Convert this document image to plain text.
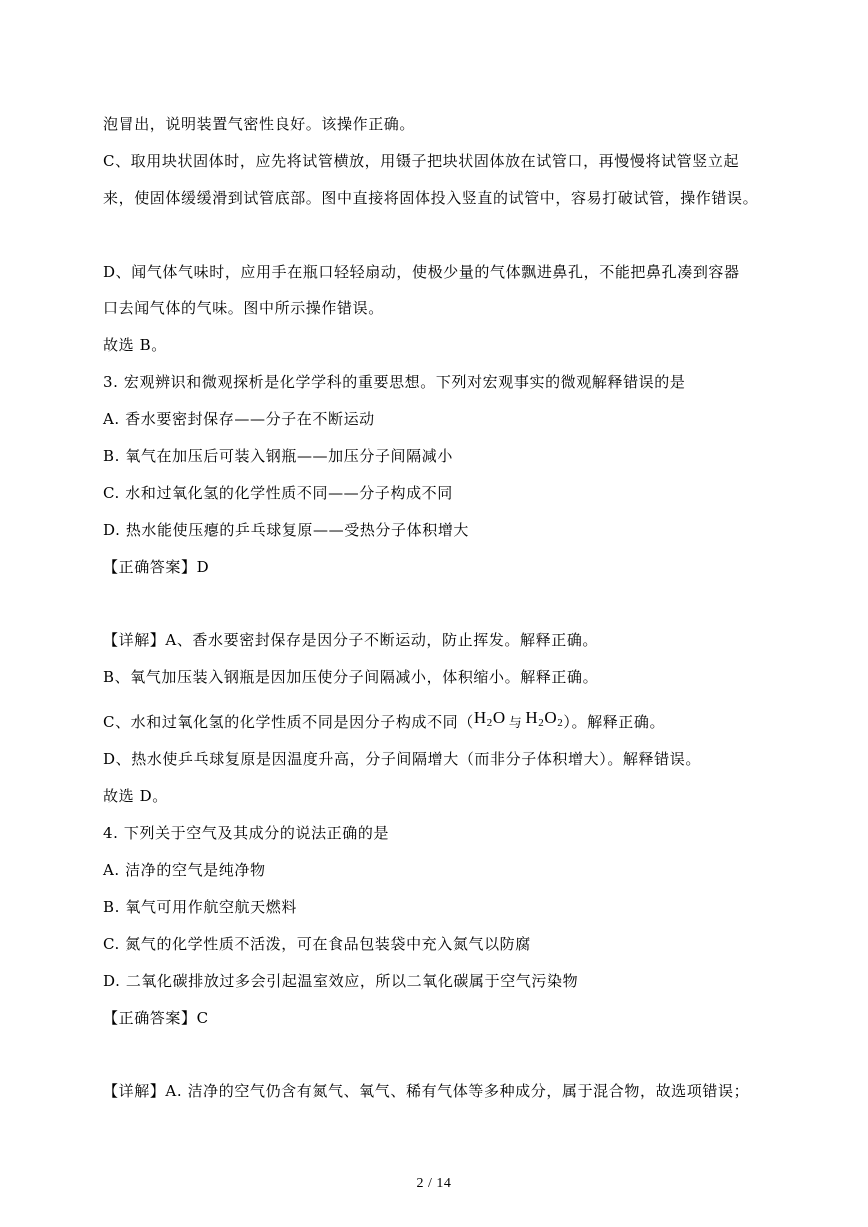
泡冒出，说明装置气密性良好。该操作正确。
C、取用块状固体时，应先将试管横放，用镊子把块状固体放在试管口，再慢慢将试管竖立起
来，使固体缓缓滑到试管底部。图中直接将固体投入竖直的试管中，容易打破试管，操作错误。
D、闻气体气味时，应用手在瓶口轻轻扇动，使极少量的气体飘进鼻孔，不能把鼻孔凑到容器
口去闻气体的气味。图中所示操作错误。
故选 B。
3. 宏观辨识和微观探析是化学学科的重要思想。下列对宏观事实的微观解释错误的是
A. 香水要密封保存——分子在不断运动
B. 氧气在加压后可装入钢瓶——加压分子间隔减小
C. 水和过氧化氢的化学性质不同——分子构成不同
D. 热水能使压瘪的乒乓球复原——受热分子体积增大
【正确答案】D
【详解】A、香水要密封保存是因分子不断运动，防止挥发。解释正确。
B、氧气加压装入钢瓶是因加压使分子间隔减小，体积缩小。解释正确。
C、水和过氧化氢的化学性质不同是因分子构成不同（$H_2O$ 与 $H_2O_2$）。解释正确。
D、热水使乒乓球复原是因温度升高，分子间隔增大（而非分子体积增大）。解释错误。
故选 D。
4. 下列关于空气及其成分的说法正确的是
A. 洁净的空气是纯净物
B. 氧气可用作航空航天燃料
C. 氮气的化学性质不活泼，可在食品包装袋中充入氮气以防腐
D. 二氧化碳排放过多会引起温室效应，所以二氧化碳属于空气污染物
【正确答案】C
【详解】A. 洁净的空气仍含有氮气、氧气、稀有气体等多种成分，属于混合物，故选项错误；
2 / 14
